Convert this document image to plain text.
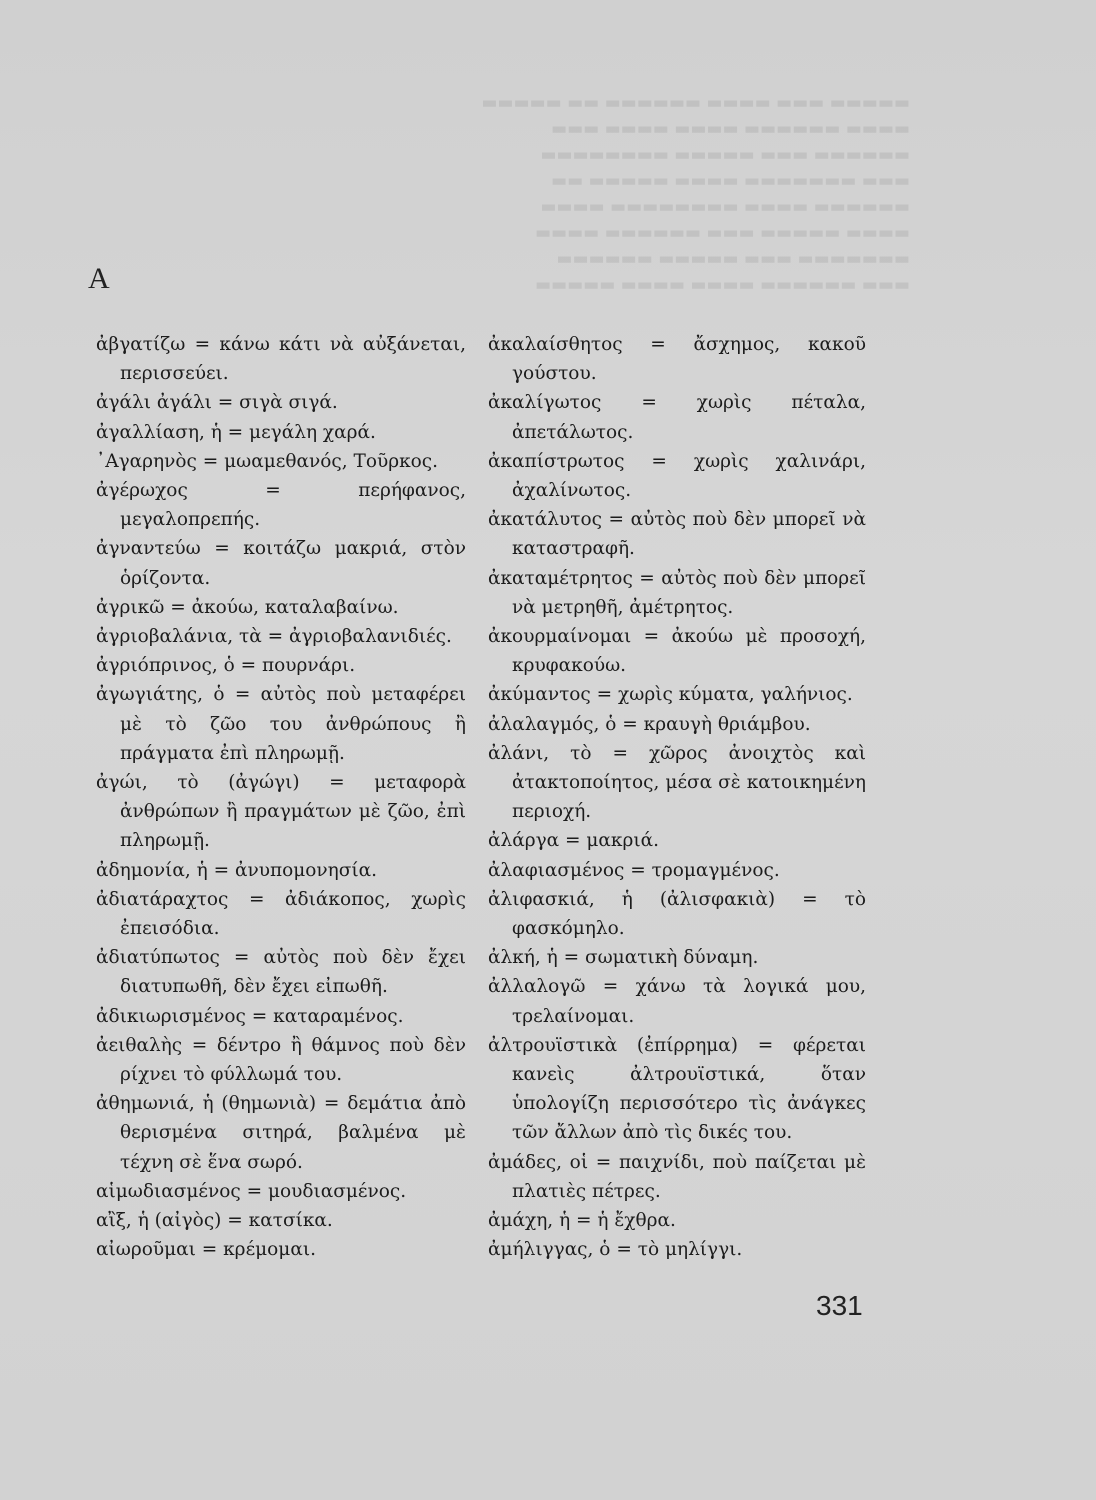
▬▬▬▬▬ ▬▬▬ ▬▬▬▬ ▬▬▬▬▬▬ ▬▬ ▬▬▬▬▬
▬▬▬▬ ▬▬▬▬▬▬ ▬▬▬▬ ▬▬▬▬ ▬▬▬
▬▬▬▬▬▬ ▬▬▬ ▬▬▬▬▬ ▬▬▬▬▬▬▬▬
▬▬▬ ▬▬▬▬▬▬▬ ▬▬▬▬ ▬▬▬▬▬ ▬▬
▬▬▬▬▬▬ ▬▬▬▬ ▬▬▬▬▬▬▬▬ ▬▬▬▬
▬▬▬▬ ▬▬▬▬▬ ▬▬▬ ▬▬▬▬▬▬ ▬▬▬▬
▬▬▬▬▬▬▬ ▬▬▬ ▬▬▬▬▬ ▬▬▬▬▬▬
▬▬▬ ▬▬▬▬▬▬ ▬▬▬▬ ▬▬▬▬ ▬▬▬▬▬
Α
ἀβγατίζω = κάνω κάτι νὰ αὐξάνεται, περισσεύει.
ἀγάλι ἀγάλι = σιγὰ σιγά.
ἀγαλλίαση, ἡ = μεγάλη χαρά.
᾿Αγαρηνὸς = μωαμεθανός, Τοῦρκος.
ἀγέρωχος = περήφανος, μεγαλοπρεπής.
ἀγναντεύω = κοιτάζω μακριά, στὸν ὁρίζοντα.
ἀγρικῶ = ἀκούω, καταλαβαίνω.
ἀγριοβαλάνια, τὰ = ἀγριοβαλανιδιές.
ἀγριόπρινος, ὁ = πουρνάρι.
ἀγωγιάτης, ὁ = αὐτὸς ποὺ μεταφέρει μὲ τὸ ζῶο του ἀνθρώπους ἢ πράγματα ἐπὶ πληρωμῇ.
ἀγώι, τὸ (ἀγώγι) = μεταφορὰ ἀνθρώπων ἢ πραγμάτων μὲ ζῶο, ἐπὶ πληρωμῇ.
ἀδημονία, ἡ = ἀνυπομονησία.
ἀδιατάραχτος = ἀδιάκοπος, χωρὶς ἐπεισόδια.
ἀδιατύπωτος = αὐτὸς ποὺ δὲν ἔχει διατυπωθῆ, δὲν ἔχει εἰπωθῆ.
ἀδικιωρισμένος = καταραμένος.
ἀειθαλὴς = δέντρο ἢ θάμνος ποὺ δὲν ρίχνει τὸ φύλλωμά του.
ἀθημωνιά, ἡ (θημωνιὰ) = δεμάτια ἀπὸ θερισμένα σιτηρά, βαλμένα μὲ τέχνη σὲ ἕνα σωρό.
αἱμωδιασμένος = μουδιασμένος.
αἲξ, ἡ (αἰγὸς) = κατσίκα.
αἰωροῦμαι = κρέμομαι.
ἀκαλαίσθητος = ἄσχημος, κακοῦ γούστου.
ἀκαλίγωτος = χωρὶς πέταλα, ἀπετάλωτος.
ἀκαπίστρωτος = χωρὶς χαλινάρι, ἀχαλίνωτος.
ἀκατάλυτος = αὐτὸς ποὺ δὲν μπορεῖ νὰ καταστραφῆ.
ἀκαταμέτρητος = αὐτὸς ποὺ δὲν μπορεῖ νὰ μετρηθῆ, ἀμέτρητος.
ἀκουρμαίνομαι = ἀκούω μὲ προσοχή, κρυφακούω.
ἀκύμαντος = χωρὶς κύματα, γαλήνιος.
ἀλαλαγμός, ὁ = κραυγὴ θριάμβου.
ἀλάνι, τὸ = χῶρος ἀνοιχτὸς καὶ ἀτακτοποίητος, μέσα σὲ κατοικημένη περιοχή.
ἀλάργα = μακριά.
ἀλαφιασμένος = τρομαγμένος.
ἀλιφασκιά, ἡ (ἀλισφακιὰ) = τὸ φασκόμηλο.
ἀλκή, ἡ = σωματικὴ δύναμη.
ἀλλαλογῶ = χάνω τὰ λογικά μου, τρελαίνομαι.
ἀλτρουϊστικὰ (ἐπίρρημα) = φέρεται κανεὶς ἀλτρουϊστικά, ὅταν ὑπολογίζη περισσότερο τὶς ἀνάγκες τῶν ἄλλων ἀπὸ τὶς δικές του.
ἀμάδες, οἱ = παιχνίδι, ποὺ παίζεται μὲ πλατιὲς πέτρες.
ἀμάχη, ἡ = ἡ ἔχθρα.
ἀμήλιγγας, ὁ = τὸ μηλίγγι.
331
